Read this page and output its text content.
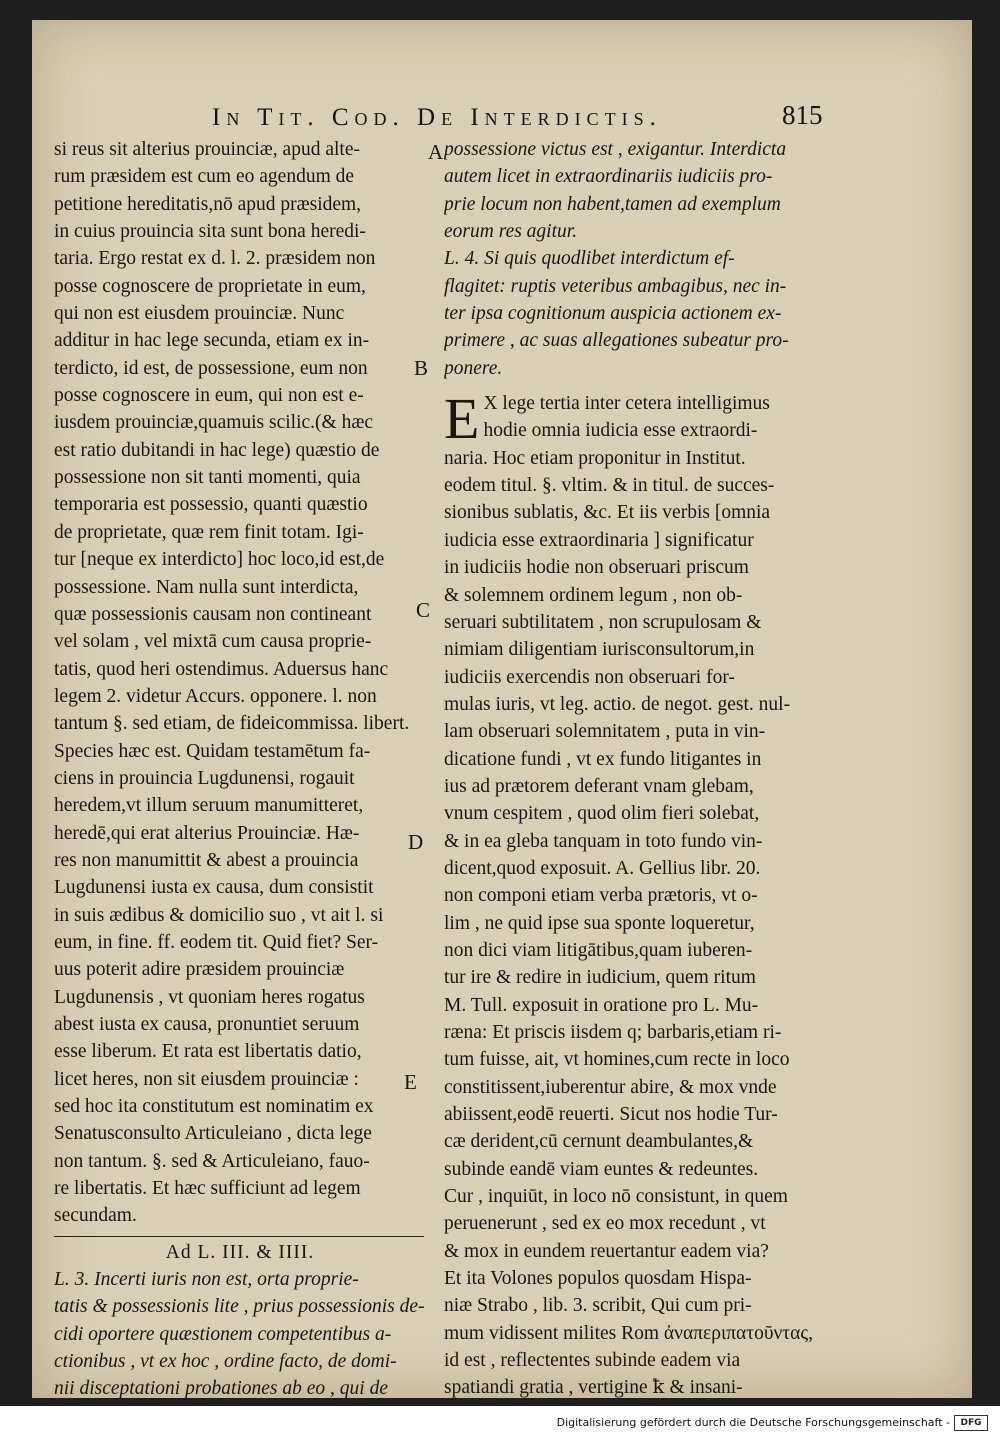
In Tit. Cod. De Interdictis.	815
si reus sit alterius prouinciæ, apud alte-
rum præsidem est cum eo agendum de
petitione hereditatis,nō apud præsidem,
in cuius prouincia sita sunt bona heredi-
taria. Ergo restat ex d. l. 2. præsidem non
posse cognoscere de proprietate in eum,
qui non est eiusdem prouinciæ. Nunc
additur in hac lege secunda, etiam ex in-
terdicto, id est, de possessione, eum non
posse cognoscere in eum, qui non est e-
iusdem prouinciæ,quamuis scilic.(& hæc
est ratio dubitandi in hac lege) quæstio de
possessione non sit tanti momenti, quia
temporaria est possessio, quanti quæstio
de proprietate, quæ rem finit totam. Igi-
tur [neque ex interdicto] hoc loco,id est,de
possessione. Nam nulla sunt interdicta,
quæ possessionis causam non contineant
vel solam , vel mixtā cum causa proprie-
tatis, quod heri ostendimus. Aduersus hanc
legem 2. videtur Accurs. opponere. l. non
tantum §. sed etiam, de fideicommissa. libert.
Species hæc est. Quidam testamētum fa-
ciens in prouincia Lugdunensi, rogauit
heredem,vt illum seruum manumitteret,
heredē,qui erat alterius Prouinciæ. Hæ-
res non manumittit & abest a prouincia
Lugdunensi iusta ex causa, dum consistit
in suis ædibus & domicilio suo , vt ait l. si
eum, in fine. ff. eodem tit. Quid fiet? Ser-
uus poterit adire præsidem prouinciæ
Lugdunensis , vt quoniam heres rogatus
abest iusta ex causa, pronuntiet seruum
esse liberum. Et rata est libertatis datio,
licet heres, non sit eiusdem prouinciæ :
sed hoc ita constitutum est nominatim ex
Senatusconsulto Articuleiano , dicta lege
non tantum. §. sed & Articuleiano, fauo-
re libertatis. Et hæc sufficiunt ad legem
secundam.
Ad L. III. & IIII.
L. 3. Incerti iuris non est, orta proprie-
tatis & possessionis lite , prius possessionis de-
cidi oportere quæstionem competentibus a-
ctionibus , vt ex hoc , ordine facto, de domi-
nii disceptationi probationes ab eo , qui de
A
B
C
D
E
possessione victus est , exigantur. Interdicta
autem licet in extraordinariis iudiciis pro-
prie locum non habent,tamen ad exemplum
eorum res agitur.
L. 4. Si quis quodlibet interdictum ef-
flagitet: ruptis veteribus ambagibus, nec in-
ter ipsa cognitionum auspicia actionem ex-
primere , ac suas allegationes subeatur pro-
ponere.
E X lege tertia inter cetera intelligimus
hodie omnia iudicia esse extraordi-
naria. Hoc etiam proponitur in Institut.
eodem titul. §. vltim. & in titul. de succes-
sionibus sublatis, &c. Et iis verbis [omnia
iudicia esse extraordinaria ] significatur
in iudiciis hodie non obseruari priscum
& solemnem ordinem legum , non ob-
seruari subtilitatem , non scrupulosam &
nimiam diligentiam iurisconsultorum,in
iudiciis exercendis non obseruari for-
mulas iuris, vt leg. actio. de negot. gest. nul-
lam obseruari solemnitatem , puta in vin-
dicatione fundi , vt ex fundo litigantes in
ius ad prætorem deferant vnam glebam,
vnum cespitem , quod olim fieri solebat,
& in ea gleba tanquam in toto fundo vin-
dicent,quod exposuit. A. Gellius libr. 20.
non componi etiam verba prætoris, vt o-
lim , ne quid ipse sua sponte loqueretur,
non dici viam litigātibus,quam iuberen-
tur ire & redire in iudicium, quem ritum
M. Tull. exposuit in oratione pro L. Mu-
ræna: Et priscis iisdem q; barbaris,etiam ri-
tum fuisse, ait, vt homines,cum recte in loco
constitissent,iuberentur abire, & mox vnde
abiissent,eodē reuerti. Sicut nos hodie Tur-
cæ derident,cū cernunt deambulantes,&
subinde eandē viam euntes & redeuntes.
Cur , inquiūt, in loco nō consistunt, in quem
peruenerunt , sed ex eo mox recedunt , vt
& mox in eundem reuertantur eadem via?
Et ita Volones populos quosdam Hispa-
niæ Strabo , lib. 3. scribit, Qui cum pri-
mum vidissent milites Rom ἀναπεριπατοῦντας,
id est , reflectentes subinde eadem via
spatiandi gratia , vertigine ꝁ & insani-
Digitalisierung gefördert durch die Deutsche Forschungsgemeinschaft -	DFG
